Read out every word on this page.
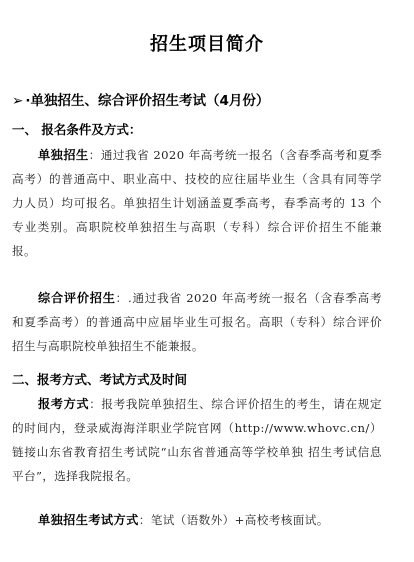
招生项目简介
➢ ·单独招生、综合评价招生考试（4月份）
一、 报名条件及方式：
单独招生：通过我省 2020 年高考统一报名（含春季高考和夏季高考）的普通高中、职业高中、技校的应往届毕业生（含具有同等学力人员）均可报名。单独招生计划涵盖夏季高考，春季高考的 13 个专业类别。高职院校单独招生与高职（专科）综合评价招生不能兼报。
综合评价招生：.通过我省 2020 年高考统一报名（含春季高考和夏季高考）的普通高中应届毕业生可报名。高职（专科）综合评价招生与高职院校单独招生不能兼报。
二、报考方式、考试方式及时间
报考方式：报考我院单独招生、综合评价招生的考生，请在规定的时间内，登录威海海洋职业学院官网（http://www.whovc.cn/）链接山东省教育招生考试院“山东省普通高等学校单独 招生考试信息平台”，选择我院报名。
单独招生考试方式：笔试（语数外）+高校考核面试。
